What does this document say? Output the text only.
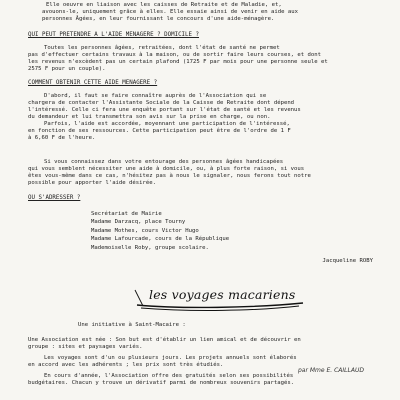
Elle oeuvre en liaison avec les caisses de Retraite et de Maladie, et,

avouons-le, uniquement grâce à elles. Elle essaie ainsi de venir en aide aux

personnes Âgées, en leur fournissant le concours d'une aide-ménagère.

QUI PEUT PRETENDRE A L'AIDE MENAGERE ? DOMICILE ?

Toutes les personnes âgées, retraitées, dont l'état de santé ne permet

pas d'effectuer certains travaux à la maison, ou de sortir faire leurs courses, et dont

les revenus n'excèdent pas un certain plafond (1725 F par mois pour une personne seule et

2575 F pour un couple).

COMMENT OBTENIR CETTE AIDE MENAGERE ?

D'abord, il faut se faire connaître auprès de l'Association qui se

chargera de contacter l'Assistante Sociale de la Caisse de Retraite dont dépend

l'intéressé. Celle ci fera une enquête portant sur l'état de santé et les revenus

du demandeur et lui transmettra son avis sur la prise en charge, ou non.

Parfois, l'aide est accordée, moyennant une participation de l'intéressé,

en fonction de ses ressources. Cette participation peut être de l'ordre de 1 F

à 6,60 F de l'heure.

Si vous connaissez dans votre entourage des personnes âgées handicapées

qui vous semblent nécessiter une aide à domicile, ou, à plus forte raison, si vous

êtes vous-même dans ce cas, n'hésitez pas à nous le signaler, nous ferons tout notre

possible pour apporter l'aide désirée.

OU S'ADRESSER ?

Secrétariat de Mairie
Madame Darzacq, place Tourny
Madame Mothes, cours Victor Hugo
Madame Lafourcade, cours de la République
Mademoiselle Roby, groupe scolaire.
Jacqueline ROBY
les voyages macariens
Une initiative à Saint-Macaire :

Une Association est née : Son but est d'établir un lien amical et de découvrir en

groupe : sites et paysages variés.

Les voyages sont d'un ou plusieurs jours. Les projets annuels sont élaborés

en accord avec les adhérents ; les prix sont très étudiés.

En cours d'année, l'Association offre des gratuités selon ses possibilités

budgétaires. Chacun y trouve un dérivatif parmi de nombreux souvenirs partagés.

par Mme E. CAILLAUD
